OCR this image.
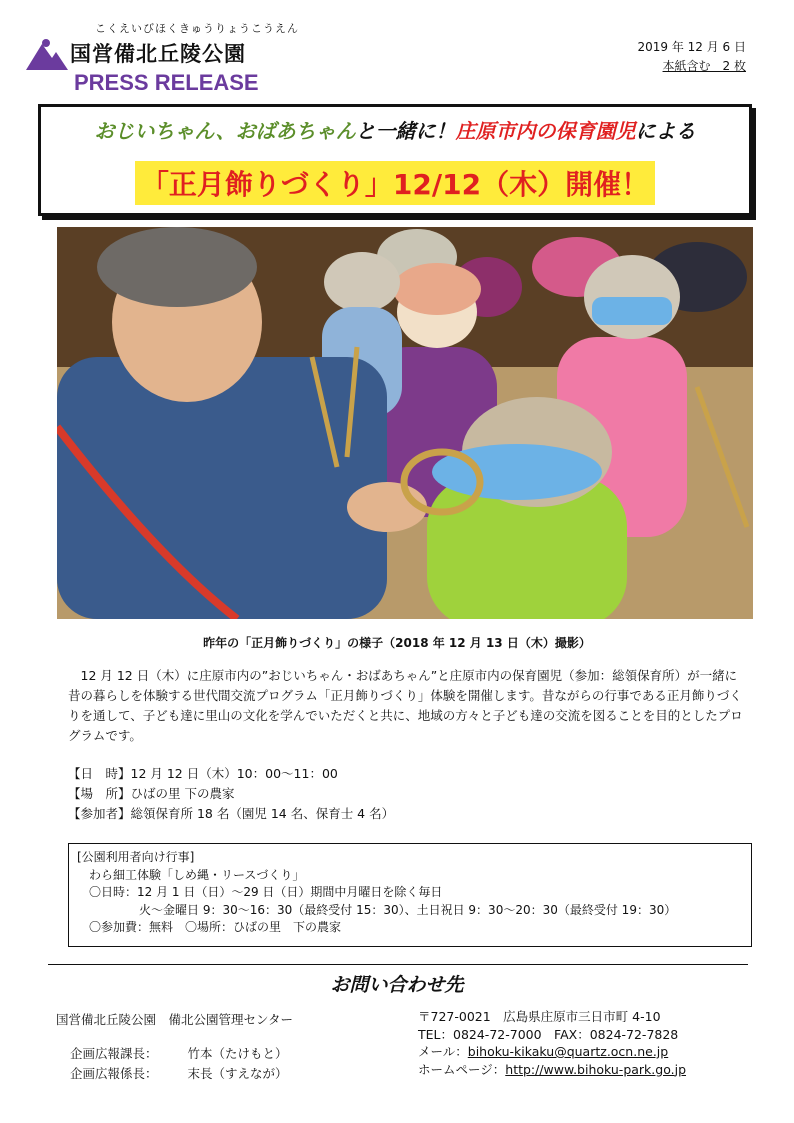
こくえいびほくきゅうりょうこうえん
国営備北丘陵公園
PRESS RELEASE
2019 年 12 月 6 日
本紙含む　2 枚
おじいちゃん、おばあちゃんと一緒に！庄原市内の保育園児による
「正月飾りづくり」12/12（木）開催！
昨年の「正月飾りづくり」の様子（2018 年 12 月 13 日（木）撮影）

12 月 12 日（木）に庄原市内の”おじいちゃん・おばあちゃん”と庄原市内の保育園児（参加：総領保育所）が一緒に昔の暮らしを体験する世代間交流プログラム「正月飾りづくり」体験を開催します。昔ながらの行事である正月飾りづくりを通して、子ども達に里山の文化を学んでいただくと共に、地域の方々と子ども達の交流を図ることを目的としたプログラムです。

【日　時】12 月 12 日（木）10：00〜11：00
【場　所】ひばの里 下の農家
【参加者】総領保育所 18 名（園児 14 名、保育士 4 名）
[公園利用者向け行事]
わら細工体験「しめ縄・リースづくり」
〇日時：12 月 1 日（日）〜29 日（日）期間中月曜日を除く毎日
火〜金曜日 9：30〜16：30（最終受付 15：30）、土日祝日 9：30〜20：30（最終受付 19：30）
〇参加費：無料　〇場所：ひばの里　下の農家
お問い合わせ先
国営備北丘陵公園　備北公園管理センター
企画広報課長： 竹本（たけもと）
企画広報係長： 末長（すえなが）
〒727-0021　広島県庄原市三日市町 4-10
TEL：0824-72-7000　FAX：0824-72-7828
メール：bihoku-kikaku@quartz.ocn.ne.jp
ホームページ：http://www.bihoku-park.go.jp
